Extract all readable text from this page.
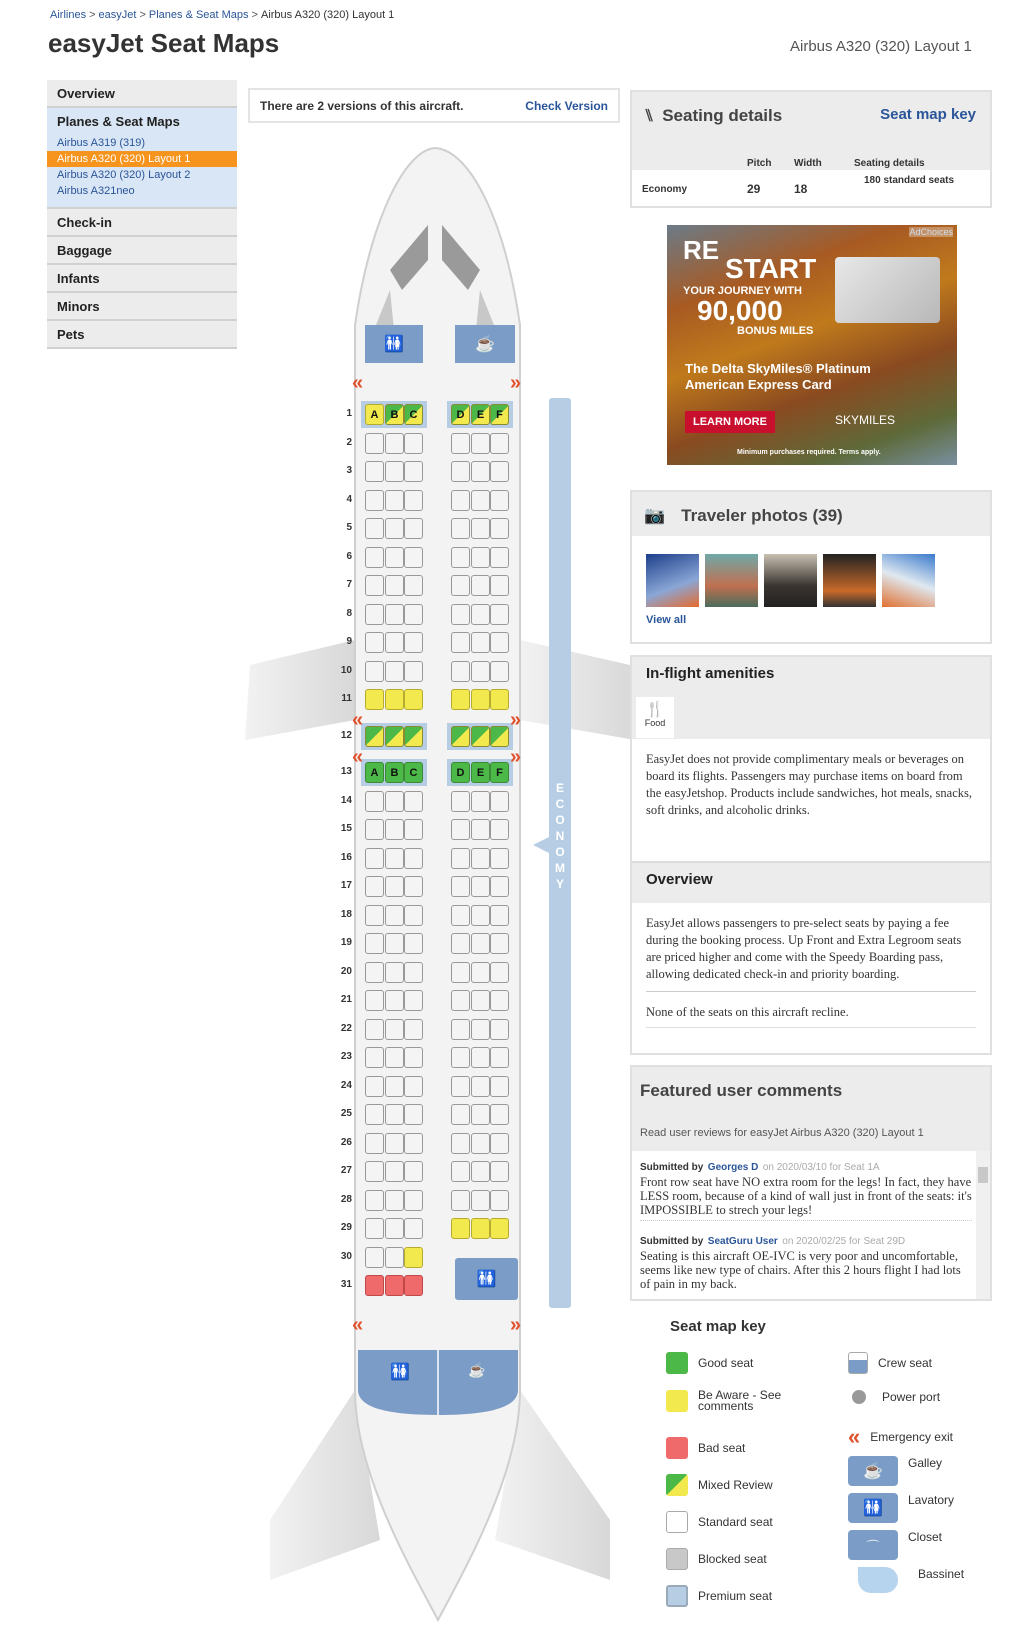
Airlines > easyJet > Planes & Seat Maps > Airbus A320 (320) Layout 1
easyJet Seat Maps	Airbus A320 (320) Layout 1
Overview
Planes & Seat Maps
Airbus A319 (319)
Airbus A320 (320) Layout 1
Airbus A320 (320) Layout 2
Airbus A321neo
Check-in
Baggage
Infants
Minors
Pets
There are 2 versions of this aircraft.	Check Version
🚻	☕
🚻
🚻	☕
ECONOMY
1	A	B	C	D	E	F
2
3
4
5
6
7
8
9
10
11
12
13	A	B	C	D	E	F
14
15
16
17
18
19
20
21
22
23
24
25
26
27
28
29
30
31
«	»
«	»
«	»
«	»
⑊ Seating details	Seat map key
Pitch Width	Seating details
Economy	29	18
180 standard seats
AdChoices
RE
START
YOUR JOURNEY WITH
90,000
BONUS MILES
The Delta SkyMiles® Platinum
American Express Card
LEARN MORE	SKYMILES
Minimum purchases required. Terms apply.
📷 Traveler photos (39)
View all
In-flight amenities
🍴
Food
EasyJet does not provide complimentary meals or beverages on board its flights. Passengers may purchase items on board from the easyJetshop. Products include sandwiches, hot meals, snacks, soft drinks, and alcoholic drinks.
Overview
EasyJet allows passengers to pre-select seats by paying a fee during the booking process. Up Front and Extra Legroom seats are priced higher and come with the Speedy Boarding pass, allowing dedicated check-in and priority boarding.
None of the seats on this aircraft recline.
Featured user comments
Read user reviews for easyJet Airbus A320 (320) Layout 1
Submitted by Georges D on 2020/03/10 for Seat 1A
Front row seat have NO extra room for the legs! In fact, they have LESS room, because of a kind of wall just in front of the seats: it's IMPOSSIBLE to strech your legs!
Submitted by SeatGuru User on 2020/02/25 for Seat 29D
Seating is this aircraft OE-IVC is very poor and uncomfortable, seems like new type of chairs. After this 2 hours flight I had lots of pain in my back.
Seat map key
Good seat
Be Aware - See comments
Bad seat
Mixed Review
Standard seat
Blocked seat
Premium seat
Crew seat
Power port
« Emergency exit
☕	Galley
🚻	Lavatory
⌒
Closet
Bassinet
